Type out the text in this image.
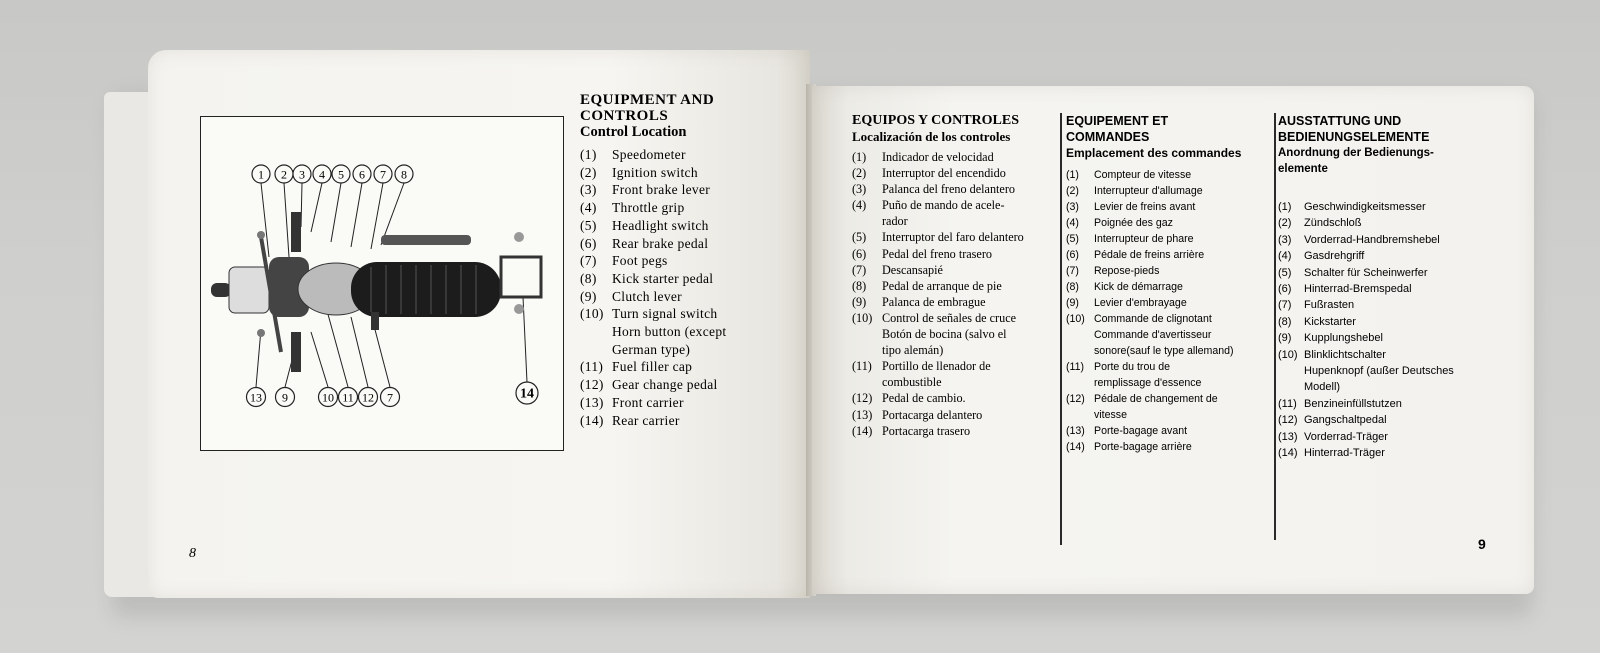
1 2 3 4 5 6 7 8
13 9	10 11 12 7	14
EQUIPMENT AND CONTROLS
Control Location
(1)	Speedometer
(2)	Ignition switch
(3)	Front brake lever
(4)	Throttle grip
(5)	Headlight switch
(6)	Rear brake pedal
(7)	Foot pegs
(8)	Kick starter pedal
(9)	Clutch lever
(10) Turn signal switch
Horn button (except
German type)
(11) Fuel filler cap
(12) Gear change pedal
(13) Front carrier
(14) Rear carrier
EQUIPOS Y CONTROLES
Localización de los controles
(1)	Indicador de velocidad
(2)	Interruptor del encendido
(3)	Palanca del freno delantero
(4)	Puño de mando de acele-
rador
(5)	Interruptor del faro delantero
(6)	Pedal del freno trasero
(7)	Descansapié
(8)	Pedal de arranque de pie
(9)	Palanca de embrague
(10) Control de señales de cruce
Botón de bocina (salvo el
tipo alemán)
(11) Portillo de llenador de
combustible
(12) Pedal de cambio.
(13) Portacarga delantero
(14) Portacarga trasero
EQUIPEMENT ET
COMMANDES
Emplacement des commandes
(1)	Compteur de vitesse
(2)	Interrupteur d'allumage
(3)	Levier de freins avant
(4)	Poignée des gaz
(5)	Interrupteur de phare
(6)	Pédale de freins arrière
(7)	Repose-pieds
(8)	Kick de démarrage
(9)	Levier d'embrayage
(10) Commande de clignotant
Commande d'avertisseur
sonore(sauf le type allemand)
(11) Porte du trou de
remplissage d'essence
(12) Pédale de changement de
vitesse
(13) Porte-bagage avant
(14) Porte-bagage arrière
AUSSTATTUNG UND
BEDIENUNGSELEMENTE
Anordnung der Bedienungs-
elemente
(1)	Geschwindigkeitsmesser
(2)	Zündschloß
(3)	Vorderrad-Handbremshebel
(4)	Gasdrehgriff
(5)	Schalter für Scheinwerfer
(6)	Hinterrad-Bremspedal
(7)	Fußrasten
(8)	Kickstarter
(9)	Kupplungshebel
(10) Blinklichtschalter
Hupenknopf (außer Deutsches
Modell)
(11) Benzineinfüllstutzen
(12) Gangschaltpedal
(13) Vorderrad-Träger
(14) Hinterrad-Träger
8
9
